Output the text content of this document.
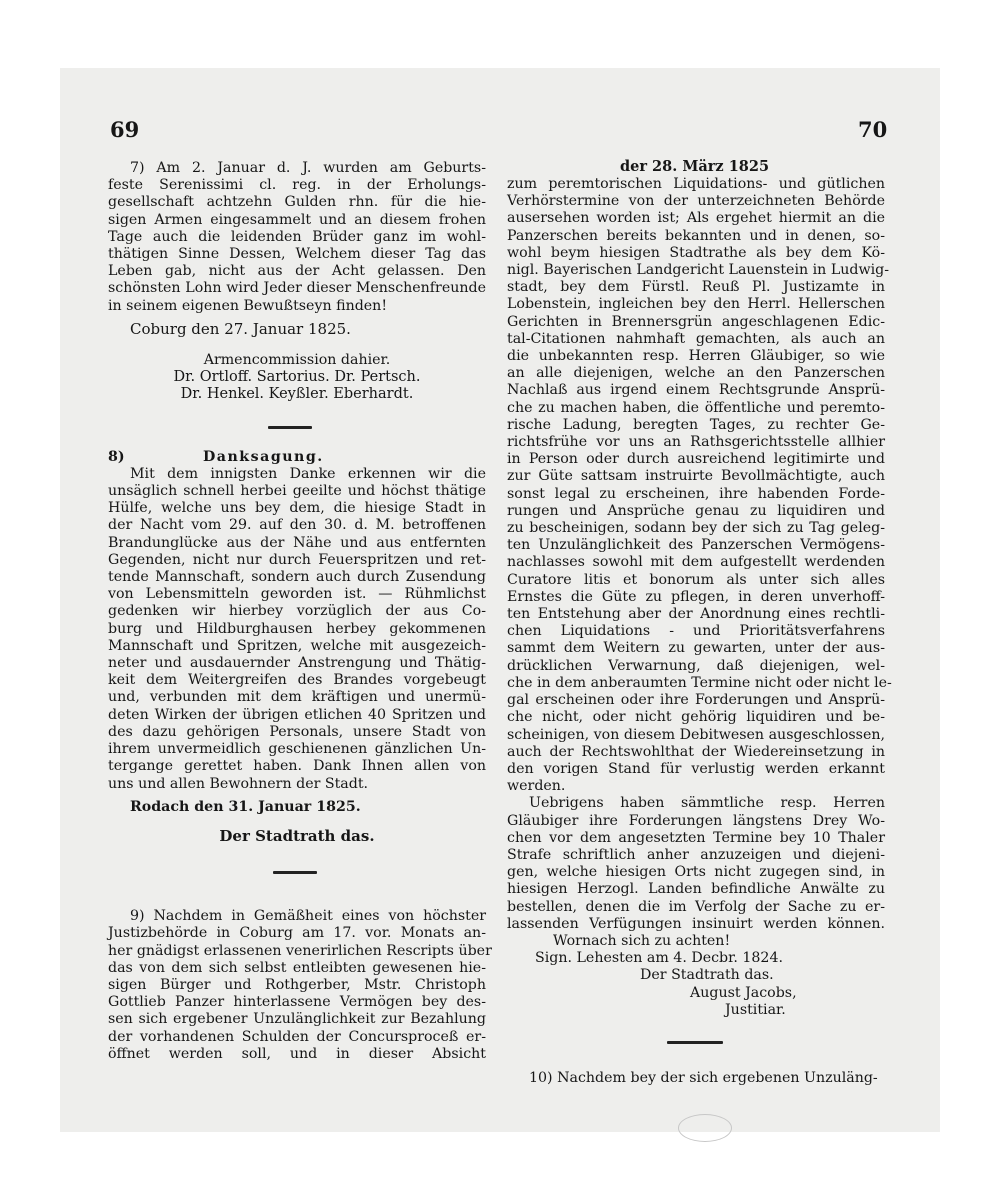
69	70
der 28. März 1825
7) Am 2. Januar d. J. wurden am Geburts-
feste Serenissimi cl. reg. in der Erholungs-
gesellschaft achtzehn Gulden rhn. für die hie-
sigen Armen eingesammelt und an diesem frohen
Tage auch die leidenden Brüder ganz im wohl-
thätigen Sinne Dessen, Welchem dieser Tag das
Leben gab, nicht aus der Acht gelassen. Den
schönsten Lohn wird Jeder dieser Menschenfreunde
in seinem eigenen Bewußtseyn finden!
Coburg den 27. Januar 1825.
Armencommission dahier.
Dr. Ortloff. Sartorius. Dr. Pertsch.
Dr. Henkel. Keyßler. Eberhardt.
8)	Danksagung.
Mit dem innigsten Danke erkennen wir die
unsäglich schnell herbei geeilte und höchst thätige
Hülfe, welche uns bey dem, die hiesige Stadt in
der Nacht vom 29. auf den 30. d. M. betroffenen
Brandunglücke aus der Nähe und aus entfernten
Gegenden, nicht nur durch Feuerspritzen und ret-
tende Mannschaft, sondern auch durch Zusendung
von Lebensmitteln geworden ist. — Rühmlichst
gedenken wir hierbey vorzüglich der aus Co-
burg und Hildburghausen herbey gekommenen
Mannschaft und Spritzen, welche mit ausgezeich-
neter und ausdauernder Anstrengung und Thätig-
keit dem Weitergreifen des Brandes vorgebeugt
und, verbunden mit dem kräftigen und unermü-
deten Wirken der übrigen etlichen 40 Spritzen und
des dazu gehörigen Personals, unsere Stadt von
ihrem unvermeidlich geschienenen gänzlichen Un-
tergange gerettet haben. Dank Ihnen allen von
uns und allen Bewohnern der Stadt.
Rodach den 31. Januar 1825.
Der Stadtrath das.
9) Nachdem in Gemäßheit eines von höchster
Justizbehörde in Coburg am 17. vor. Monats an-
her gnädigst erlassenen venerirlichen Rescripts über
das von dem sich selbst entleibten gewesenen hie-
sigen Bürger und Rothgerber, Mstr. Christoph
Gottlieb Panzer hinterlassene Vermögen bey des-
sen sich ergebener Unzulänglichkeit zur Bezahlung
der vorhandenen Schulden der Concursproceß er-
öffnet werden soll, und in dieser Absicht
zum peremtorischen Liquidations- und gütlichen
Verhörstermine von der unterzeichneten Behörde
ausersehen worden ist; Als ergehet hiermit an die
Panzerschen bereits bekannten und in denen, so-
wohl beym hiesigen Stadtrathe als bey dem Kö-
nigl. Bayerischen Landgericht Lauenstein in Ludwig-
stadt, bey dem Fürstl. Reuß Pl. Justizamte in
Lobenstein, ingleichen bey den Herrl. Hellerschen
Gerichten in Brennersgrün angeschlagenen Edic-
tal-Citationen nahmhaft gemachten, als auch an
die unbekannten resp. Herren Gläubiger, so wie
an alle diejenigen, welche an den Panzerschen
Nachlaß aus irgend einem Rechtsgrunde Ansprü-
che zu machen haben, die öffentliche und peremto-
rische Ladung, beregten Tages, zu rechter Ge-
richtsfrühe vor uns an Rathsgerichtsstelle allhier
in Person oder durch ausreichend legitimirte und
zur Güte sattsam instruirte Bevollmächtigte, auch
sonst legal zu erscheinen, ihre habenden Forde-
rungen und Ansprüche genau zu liquidiren und
zu bescheinigen, sodann bey der sich zu Tag geleg-
ten Unzulänglichkeit des Panzerschen Vermögens-
nachlasses sowohl mit dem aufgestellt werdenden
Curatore litis et bonorum als unter sich alles
Ernstes die Güte zu pflegen, in deren unverhoff-
ten Entstehung aber der Anordnung eines rechtli-
chen Liquidations - und Prioritätsverfahrens
sammt dem Weitern zu gewarten, unter der aus-
drücklichen Verwarnung, daß diejenigen, wel-
che in dem anberaumten Termine nicht oder nicht le-
gal erscheinen oder ihre Forderungen und Ansprü-
che nicht, oder nicht gehörig liquidiren und be-
scheinigen, von diesem Debitwesen ausgeschlossen,
auch der Rechtswohlthat der Wiedereinsetzung in
den vorigen Stand für verlustig werden erkannt
werden.
Uebrigens haben sämmtliche resp. Herren
Gläubiger ihre Forderungen längstens Drey Wo-
chen vor dem angesetzten Termine bey 10 Thaler
Strafe schriftlich anher anzuzeigen und diejeni-
gen, welche hiesigen Orts nicht zugegen sind, in
hiesigen Herzogl. Landen befindliche Anwälte zu
bestellen, denen die im Verfolg der Sache zu er-
lassenden Verfügungen insinuirt werden können.
Wornach sich zu achten!
Sign. Lehesten am 4. Decbr. 1824.
Der Stadtrath das.
August Jacobs,
Justitiar.
10) Nachdem bey der sich ergebenen Unzuläng-
